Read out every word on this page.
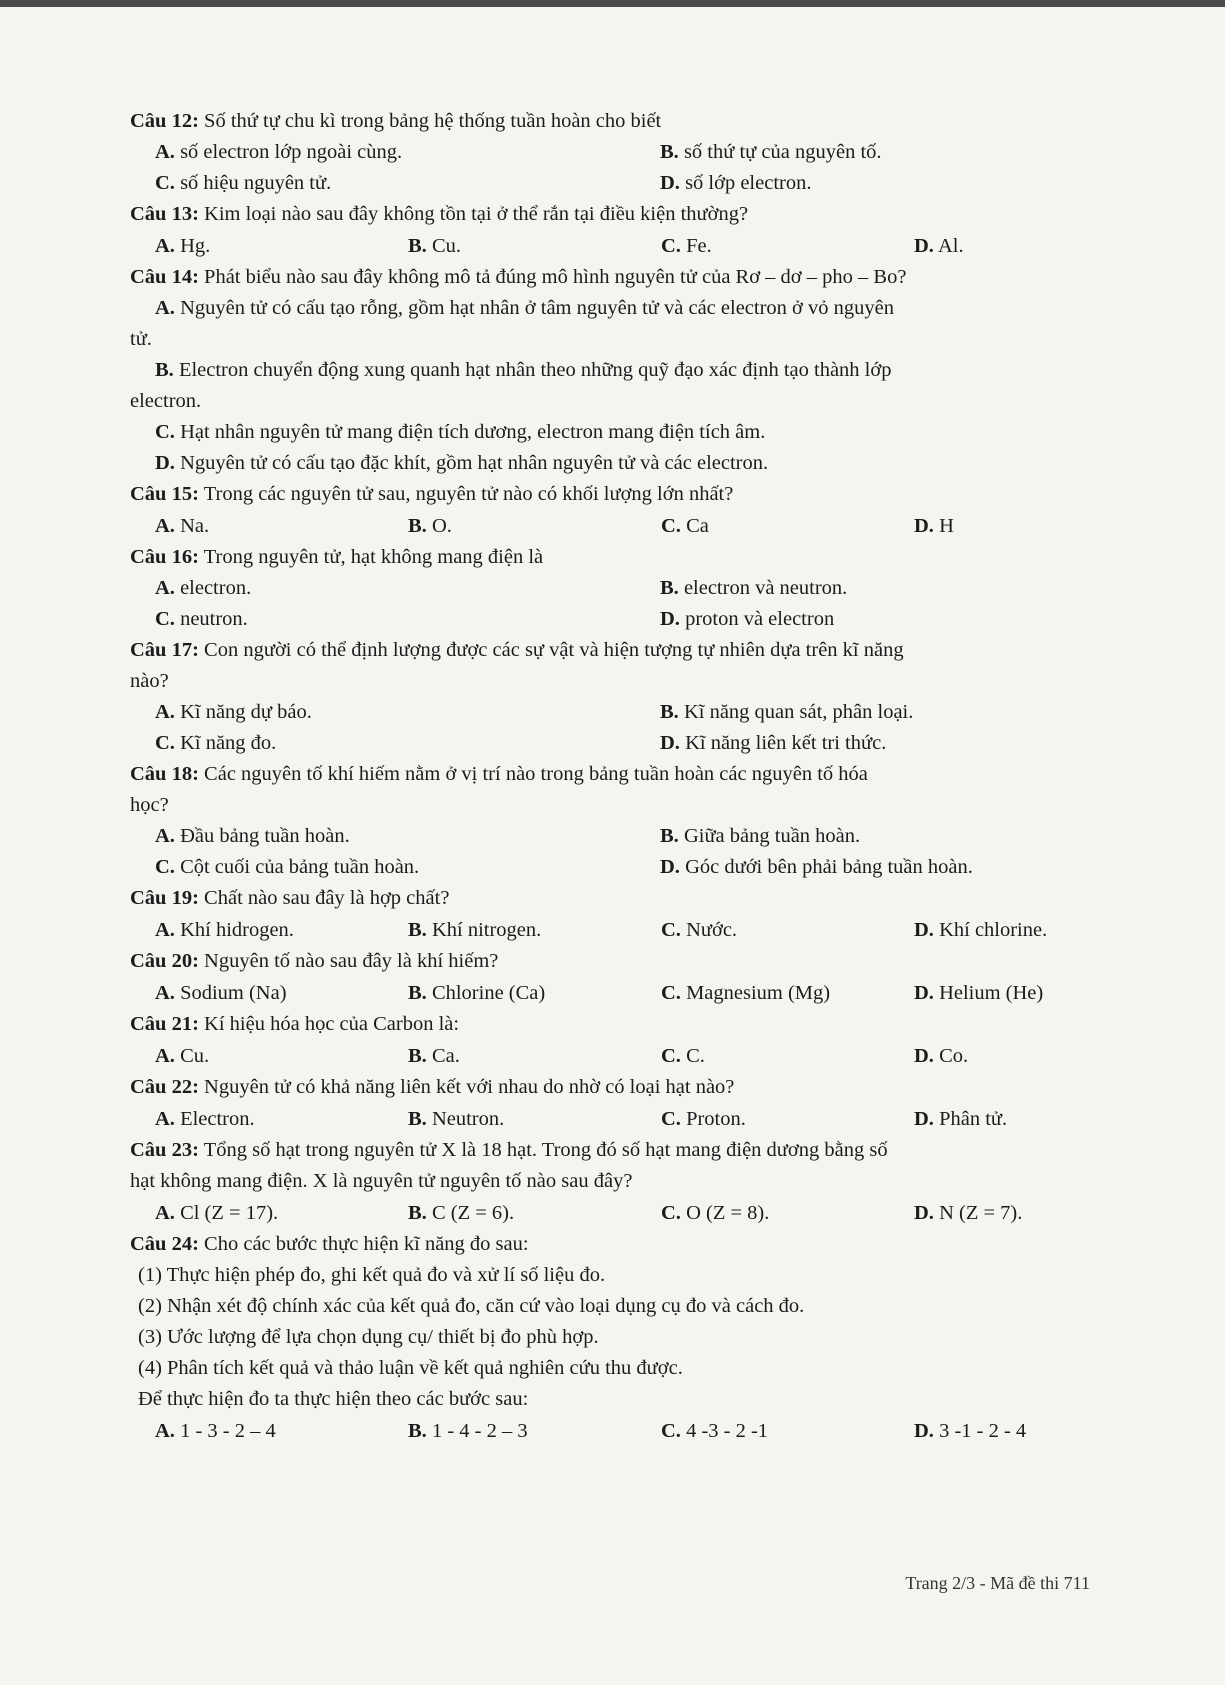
Câu 12: Số thứ tự chu kì trong bảng hệ thống tuần hoàn cho biết
A. số electron lớp ngoài cùng.	B. số thứ tự của nguyên tố.
C. số hiệu nguyên tử.	D. số lớp electron.
Câu 13: Kim loại nào sau đây không tồn tại ở thể rắn tại điều kiện thường?
A. Hg.	B. Cu.	C. Fe.	D. Al.
Câu 14: Phát biểu nào sau đây không mô tả đúng mô hình nguyên tử của Rơ – dơ – pho – Bo?
A. Nguyên tử có cấu tạo rỗng, gồm hạt nhân ở tâm nguyên tử và các electron ở vỏ nguyên
tử.
B. Electron chuyển động xung quanh hạt nhân theo những quỹ đạo xác định tạo thành lớp
electron.
C. Hạt nhân nguyên tử mang điện tích dương, electron mang điện tích âm.
D. Nguyên tử có cấu tạo đặc khít, gồm hạt nhân nguyên tử và các electron.
Câu 15: Trong các nguyên tử sau, nguyên tử nào có khối lượng lớn nhất?
A. Na.	B. O.	C. Ca	D. H
Câu 16: Trong nguyên tử, hạt không mang điện là
A. electron.	B. electron và neutron.
C. neutron.	D. proton và electron
Câu 17: Con người có thể định lượng được các sự vật và hiện tượng tự nhiên dựa trên kĩ năng
nào?
A. Kĩ năng dự báo.	B. Kĩ năng quan sát, phân loại.
C. Kĩ năng đo.	D. Kĩ năng liên kết tri thức.
Câu 18: Các nguyên tố khí hiếm nằm ở vị trí nào trong bảng tuần hoàn các nguyên tố hóa
học?
A. Đầu bảng tuần hoàn.	B. Giữa bảng tuần hoàn.
C. Cột cuối của bảng tuần hoàn.	D. Góc dưới bên phải bảng tuần hoàn.
Câu 19: Chất nào sau đây là hợp chất?
A. Khí hidrogen.	B. Khí nitrogen.	C. Nước.	D. Khí chlorine.
Câu 20: Nguyên tố nào sau đây là khí hiếm?
A. Sodium (Na)	B. Chlorine (Ca)	C. Magnesium (Mg)	D. Helium (He)
Câu 21: Kí hiệu hóa học của Carbon là:
A. Cu.	B. Ca.	C. C.	D. Co.
Câu 22: Nguyên tử có khả năng liên kết với nhau do nhờ có loại hạt nào?
A. Electron.	B. Neutron.	C. Proton.	D. Phân tử.
Câu 23: Tổng số hạt trong nguyên tử X là 18 hạt. Trong đó số hạt mang điện dương bằng số
hạt không mang điện. X là nguyên tử nguyên tố nào sau đây?
A. Cl (Z = 17).	B. C (Z = 6).	C. O (Z = 8).	D. N (Z = 7).
Câu 24: Cho các bước thực hiện kĩ năng đo sau:
(1) Thực hiện phép đo, ghi kết quả đo và xử lí số liệu đo.
(2) Nhận xét độ chính xác của kết quả đo, căn cứ vào loại dụng cụ đo và cách đo.
(3) Ước lượng để lựa chọn dụng cụ/ thiết bị đo phù hợp.
(4) Phân tích kết quả và thảo luận về kết quả nghiên cứu thu được.
Để thực hiện đo ta thực hiện theo các bước sau:
A. 1 - 3 - 2 – 4	B. 1 - 4 - 2 – 3	C. 4 -3 - 2 -1	D. 3 -1 - 2 - 4
Trang 2/3 - Mã đề thi 711
